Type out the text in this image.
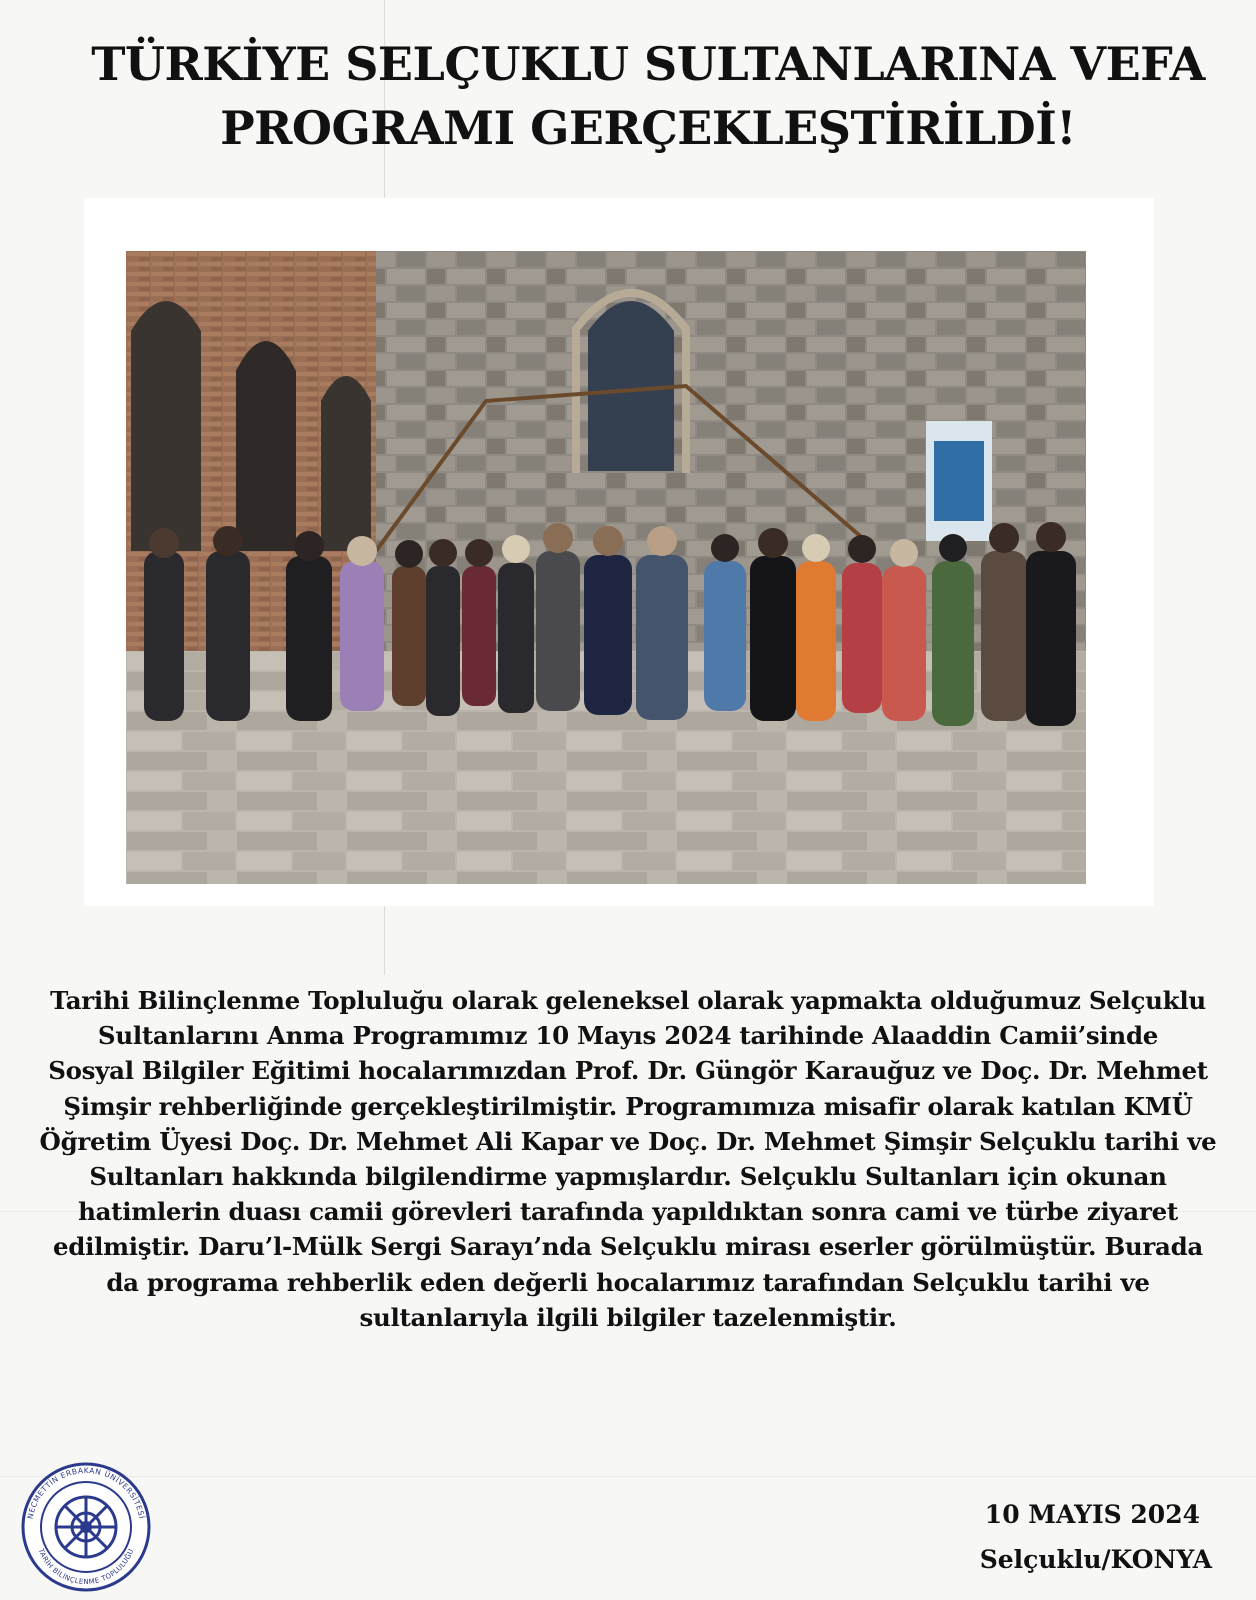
TÜRKİYE SELÇUKLU SULTANLARINA VEFA
PROGRAMI GERÇEKLEŞTİRİLDİ!
Tarihi Bilinçlenme Topluluğu olarak geleneksel olarak yapmakta olduğumuz Selçuklu
Sultanlarını Anma Programımız 10 Mayıs 2024 tarihinde Alaaddin Camii’sinde
Sosyal Bilgiler Eğitimi hocalarımızdan Prof. Dr. Güngör Karauğuz ve Doç. Dr. Mehmet
Şimşir rehberliğinde gerçekleştirilmiştir. Programımıza misafir olarak katılan KMÜ
Öğretim Üyesi Doç. Dr. Mehmet Ali Kapar ve Doç. Dr. Mehmet Şimşir Selçuklu tarihi ve
Sultanları hakkında bilgilendirme yapmışlardır. Selçuklu Sultanları için okunan
hatimlerin duası camii görevleri tarafında yapıldıktan sonra cami ve türbe ziyaret
edilmiştir. Daru’l-Mülk Sergi Sarayı’nda Selçuklu mirası eserler görülmüştür. Burada
da programa rehberlik eden değerli hocalarımız tarafından Selçuklu tarihi ve
sultanlarıyla ilgili bilgiler tazelenmiştir.
NECMETTİN ERBAKAN ÜNİVERSİTESİ
TARİH BİLİNÇLENME TOPLULUĞU
10 MAYIS 2024
Selçuklu/KONYA
